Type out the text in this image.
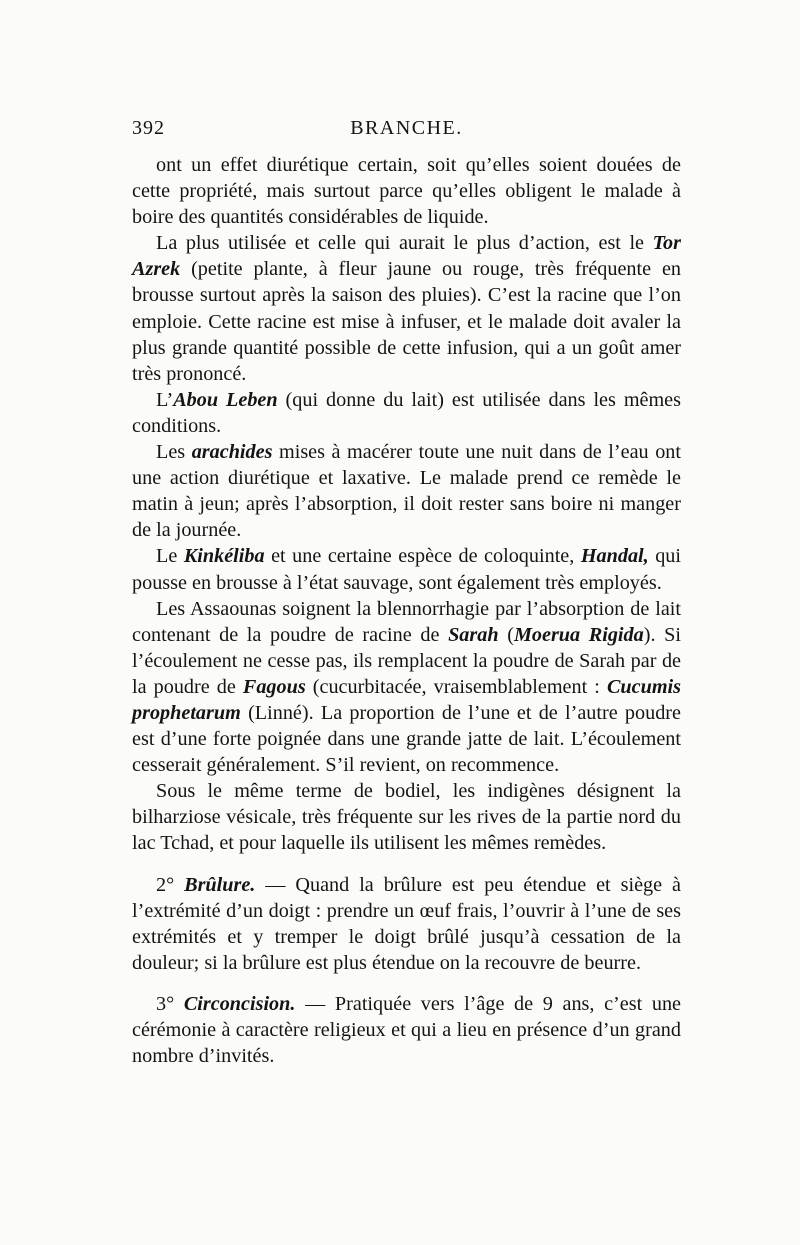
392	BRANCHE.

ont un effet diurétique certain, soit qu’elles soient douées de cette propriété, mais surtout parce qu’elles obligent le malade à boire des quantités considérables de liquide.

La plus utilisée et celle qui aurait le plus d’action, est le Tor Azrek (petite plante, à fleur jaune ou rouge, très fréquente en brousse surtout après la saison des pluies). C’est la racine que l’on emploie. Cette racine est mise à infuser, et le malade doit avaler la plus grande quantité possible de cette infusion, qui a un goût amer très prononcé.

L’Abou Leben (qui donne du lait) est utilisée dans les mêmes conditions.

Les arachides mises à macérer toute une nuit dans de l’eau ont une action diurétique et laxative. Le malade prend ce remède le matin à jeun; après l’absorption, il doit rester sans boire ni manger de la journée.

Le Kinkéliba et une certaine espèce de coloquinte, Handal, qui pousse en brousse à l’état sauvage, sont également très employés.

Les Assaounas soignent la blennorrhagie par l’absorption de lait contenant de la poudre de racine de Sarah (Moerua Rigida). Si l’écoulement ne cesse pas, ils remplacent la poudre de Sarah par de la poudre de Fagous (cucurbitacée, vraisemblablement : Cucumis prophetarum (Linné). La proportion de l’une et de l’autre poudre est d’une forte poignée dans une grande jatte de lait. L’écoulement cesserait généralement. S’il revient, on recommence.

Sous le même terme de bodiel, les indigènes désignent la bilharziose vésicale, très fréquente sur les rives de la partie nord du lac Tchad, et pour laquelle ils utilisent les mêmes remèdes.

2° Brûlure. — Quand la brûlure est peu étendue et siège à l’extrémité d’un doigt : prendre un œuf frais, l’ouvrir à l’une de ses extrémités et y tremper le doigt brûlé jusqu’à cessation de la douleur; si la brûlure est plus étendue on la recouvre de beurre.

3° Circoncision. — Pratiquée vers l’âge de 9 ans, c’est une cérémonie à caractère religieux et qui a lieu en présence d’un grand nombre d’invités.
